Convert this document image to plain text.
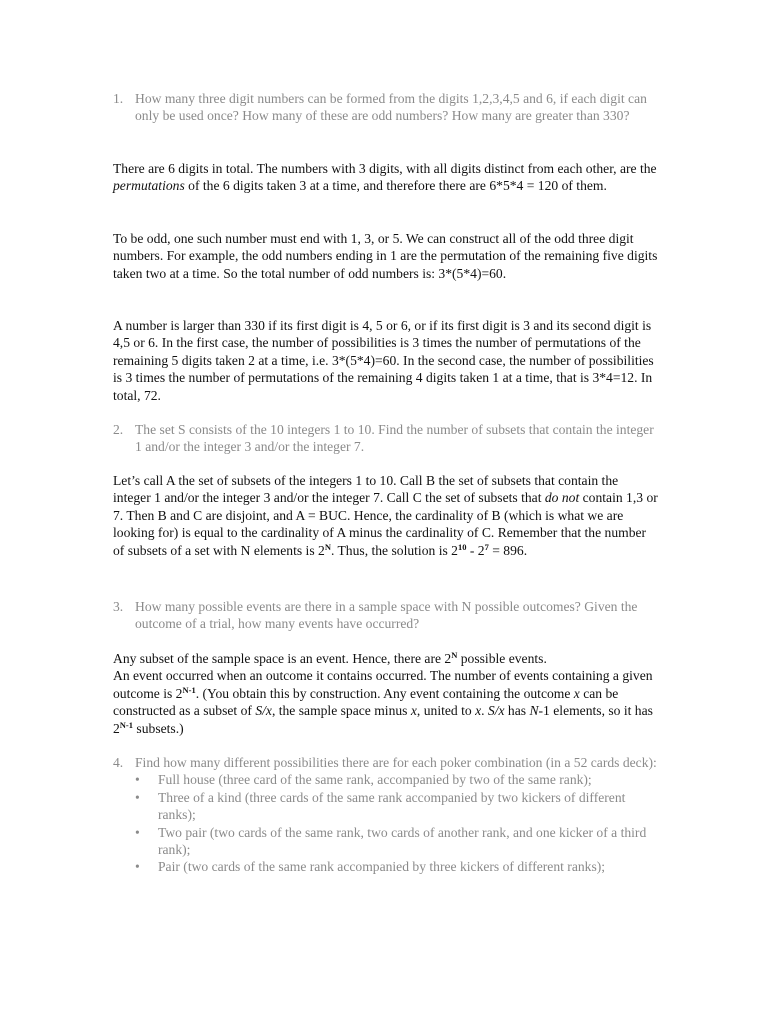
1. How many three digit numbers can be formed from the digits 1,2,3,4,5 and 6, if each digit can only be used once? How many of these are odd numbers? How many are greater than 330?

There are 6 digits in total. The numbers with 3 digits, with all digits distinct from each other, are the permutations of the 6 digits taken 3 at a time, and therefore there are 6*5*4 = 120 of them.

To be odd, one such number must end with 1, 3, or 5. We can construct all of the odd three digit numbers. For example, the odd numbers ending in 1 are the permutation of the remaining five digits taken two at a time. So the total number of odd numbers is: 3*(5*4)=60.

A number is larger than 330 if its first digit is 4, 5 or 6, or if its first digit is 3 and its second digit is 4,5 or 6. In the first case, the number of possibilities is 3 times the number of permutations of the remaining 5 digits taken 2 at a time, i.e. 3*(5*4)=60. In the second case, the number of possibilities is 3 times the number of permutations of the remaining 4 digits taken 1 at a time, that is 3*4=12. In total, 72.

2. The set S consists of the 10 integers 1 to 10. Find the number of subsets that contain the integer 1 and/or the integer 3 and/or the integer 7.

Let’s call A the set of subsets of the integers 1 to 10. Call B the set of subsets that contain the integer 1 and/or the integer 3 and/or the integer 7. Call C the set of subsets that do not contain 1,3 or 7. Then B and C are disjoint, and A = BUC. Hence, the cardinality of B (which is what we are looking for) is equal to the cardinality of A minus the cardinality of C. Remember that the number of subsets of a set with N elements is $2^N$. Thus, the solution is $2^{10} - 2^7 = 896$.

3. How many possible events are there in a sample space with N possible outcomes? Given the outcome of a trial, how many events have occurred?

Any subset of the sample space is an event. Hence, there are $2^N$ possible events.
An event occurred when an outcome it contains occurred. The number of events containing a given outcome is $2^{N-1}$. (You obtain this by construction. Any event containing the outcome x can be constructed as a subset of S/x, the sample space minus x, united to x. S/x has N-1 elements, so it has $2^{N-1}$ subsets.)

4. Find how many different possibilities there are for each poker combination (in a 52 cards deck):

• Full house (three card of the same rank, accompanied by two of the same rank);
• Three of a kind (three cards of the same rank accompanied by two kickers of different ranks);
• Two pair (two cards of the same rank, two cards of another rank, and one kicker of a third rank);
• Pair (two cards of the same rank accompanied by three kickers of different ranks);
